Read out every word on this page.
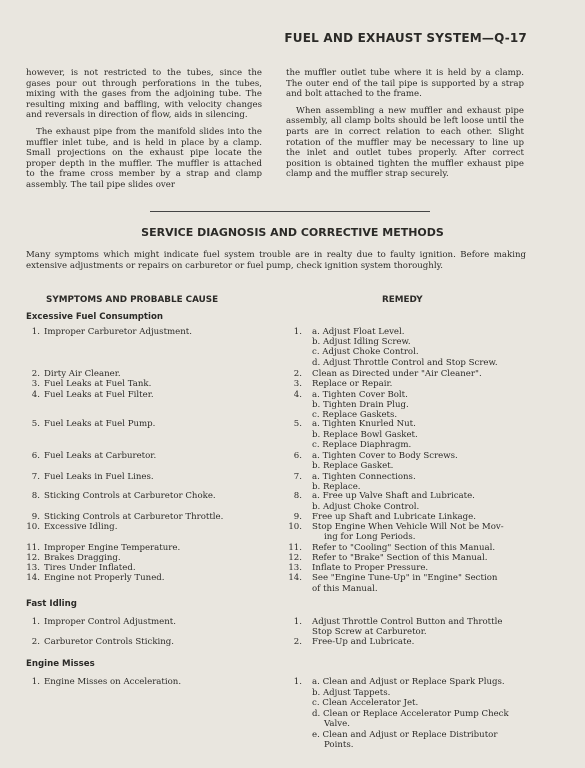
FUEL AND EXHAUST SYSTEM—Q-17

however, is not restricted to the tubes, since the gases pour out through perforations in the tubes, mixing with the gases from the adjoining tube. The resulting mixing and baffling, with velocity changes and reversals in direction of flow, aids in silencing.

The exhaust pipe from the manifold slides into the muffler inlet tube, and is held in place by a clamp. Small projections on the exhaust pipe locate the proper depth in the muffler. The muffler is attached to the frame cross member by a strap and clamp assembly. The tail pipe slides over

the muffler outlet tube where it is held by a clamp. The outer end of the tail pipe is supported by a strap and bolt attached to the frame.

When assembling a new muffler and exhaust pipe assembly, all clamp bolts should be left loose until the parts are in correct relation to each other. Slight rotation of the muffler may be necessary to line up the inlet and outlet tubes properly. After correct position is obtained tighten the muffler exhaust pipe clamp and the muffler strap securely.

SERVICE DIAGNOSIS AND CORRECTIVE METHODS
Many symptoms which might indicate fuel system trouble are in realty due to faulty ignition. Before making extensive adjustments or repairs on carburetor or fuel pump, check ignition system thoroughly.
SYMPTOMS AND PROBABLE CAUSE	REMEDY
Excessive Fuel Consumption
Fast Idling
Engine Misses
1. Improper Carburetor Adjustment.
2. Dirty Air Cleaner.
3. Fuel Leaks at Fuel Tank.
4. Fuel Leaks at Fuel Filter.
5. Fuel Leaks at Fuel Pump.
6. Fuel Leaks at Carburetor.
7. Fuel Leaks in Fuel Lines.
8. Sticking Controls at Carburetor Choke.
9. Sticking Controls at Carburetor Throttle.
10. Excessive Idling.
11. Improper Engine Temperature.
12. Brakes Dragging.
13. Tires Under Inflated.
14. Engine not Properly Tuned.
1. Improper Control Adjustment.
2. Carburetor Controls Sticking.
1. Engine Misses on Acceleration.
1.
2.
3.
4.
5.
6.
7.
8.
9.
10.
11.
12.
13.
14.
1.
2.
1.
a. Adjust Float Level.
b. Adjust Idling Screw.
c. Adjust Choke Control.
d. Adjust Throttle Control and Stop Screw.
Clean as Directed under "Air Cleaner".
Replace or Repair.
a. Tighten Cover Bolt.
b. Tighten Drain Plug.
c. Replace Gaskets.
a. Tighten Knurled Nut.
b. Replace Bowl Gasket.
c. Replace Diaphragm.
a. Tighten Cover to Body Screws.
b. Replace Gasket.
a. Tighten Connections.
b. Replace.
a. Free up Valve Shaft and Lubricate.
b. Adjust Choke Control.
Free up Shaft and Lubricate Linkage.
Stop Engine When Vehicle Will Not be Mov-
ing for Long Periods.
Refer to "Cooling" Section of this Manual.
Refer to "Brake" Section of this Manual.
Inflate to Proper Pressure.
See "Engine Tune-Up" in "Engine" Section
of this Manual.
Adjust Throttle Control Button and Throttle
Stop Screw at Carburetor.
Free-Up and Lubricate.
a. Clean and Adjust or Replace Spark Plugs.
b. Adjust Tappets.
c. Clean Accelerator Jet.
d. Clean or Replace Accelerator Pump Check
Valve.
e. Clean and Adjust or Replace Distributor
Points.
